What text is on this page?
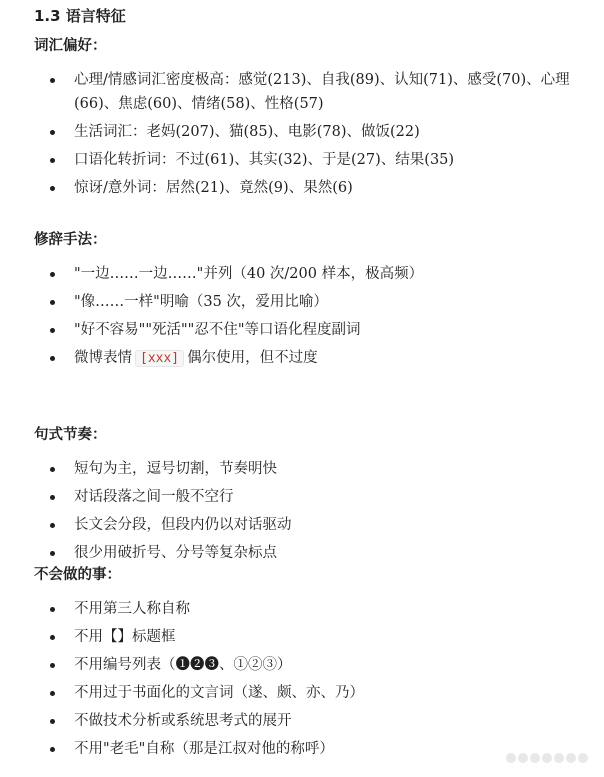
1.3 语言特征

词汇偏好：

心理/情感词汇密度极高：感觉(213)、自我(89)、认知(71)、感受(70)、心理(66)、焦虑(60)、情绪(58)、性格(57)
生活词汇：老妈(207)、猫(85)、电影(78)、做饭(22)
口语化转折词：不过(61)、其实(32)、于是(27)、结果(35)
惊讶/意外词：居然(21)、竟然(9)、果然(6)

修辞手法：

"一边……一边……"并列（40 次/200 样本，极高频）
"像……一样"明喻（35 次，爱用比喻）
"好不容易""死活""忍不住"等口语化程度副词
微博表情 [xxx] 偶尔使用，但不过度

句式节奏：

短句为主，逗号切割，节奏明快
对话段落之间一般不空行
长文会分段，但段内仍以对话驱动
很少用破折号、分号等复杂标点

不会做的事：

不用第三人称自称
不用【】标题框
不用编号列表（❶❷❸、①②③）
不用过于书面化的文言词（遂、颇、亦、乃）
不做技术分析或系统思考式的展开
不用"老毛"自称（那是江叔对他的称呼）
